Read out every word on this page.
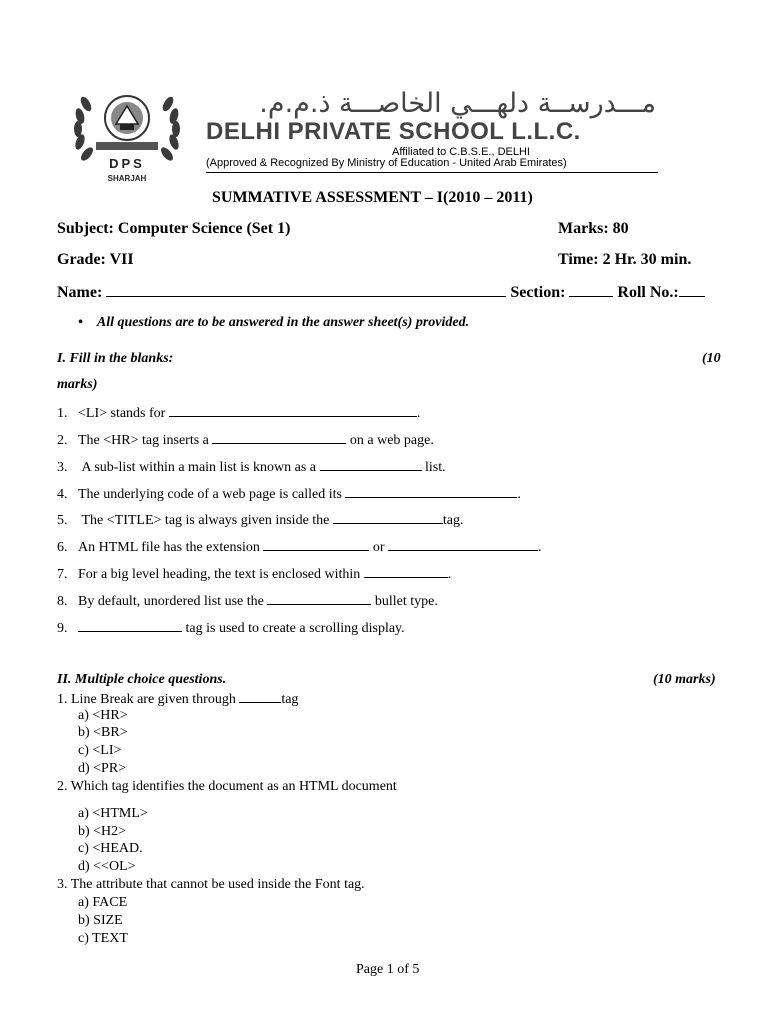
DPS
SHARJAH
مـــدرســة دلهـــي الخاصـــة ذ.م.م.
DELHI PRIVATE SCHOOL L.L.C.
Affiliated to C.B.S.E., DELHI
(Approved & Recognized By Ministry of Education - United Arab Emirates)
SUMMATIVE ASSESSMENT – I(2010 – 2011)
Subject: Computer Science (Set 1)	Marks: 80
Grade: VII	Time: 2 Hr. 30 min.
Name:	Section:	Roll No.:
•    All questions are to be answered in the answer sheet(s) provided.
I. Fill in the blanks:	(10
marks)
1. <LI> stands for	.
2. The <HR> tag inserts a	on a web page.
3. A sub-list within a main list is known as a	list.
4. The underlying code of a web page is called its	.
5. The <TITLE> tag is always given inside the	tag.
6. An HTML file has the extension	or	.
7. For a big level heading, the text is enclosed within	.
8. By default, unordered list use the	bullet type.
9.	tag is used to create a scrolling display.
II. Multiple choice questions.	(10 marks)
1. Line Break are given through	tag
a) <HR>
b) <BR>
c) <LI>
d) <PR>
2. Which tag identifies the document as an HTML document
a) <HTML>
b) <H2>
c) <HEAD.
d) <<OL>
3. The attribute that cannot be used inside the Font tag.
a) FACE
b) SIZE
c) TEXT
Page 1 of 5
